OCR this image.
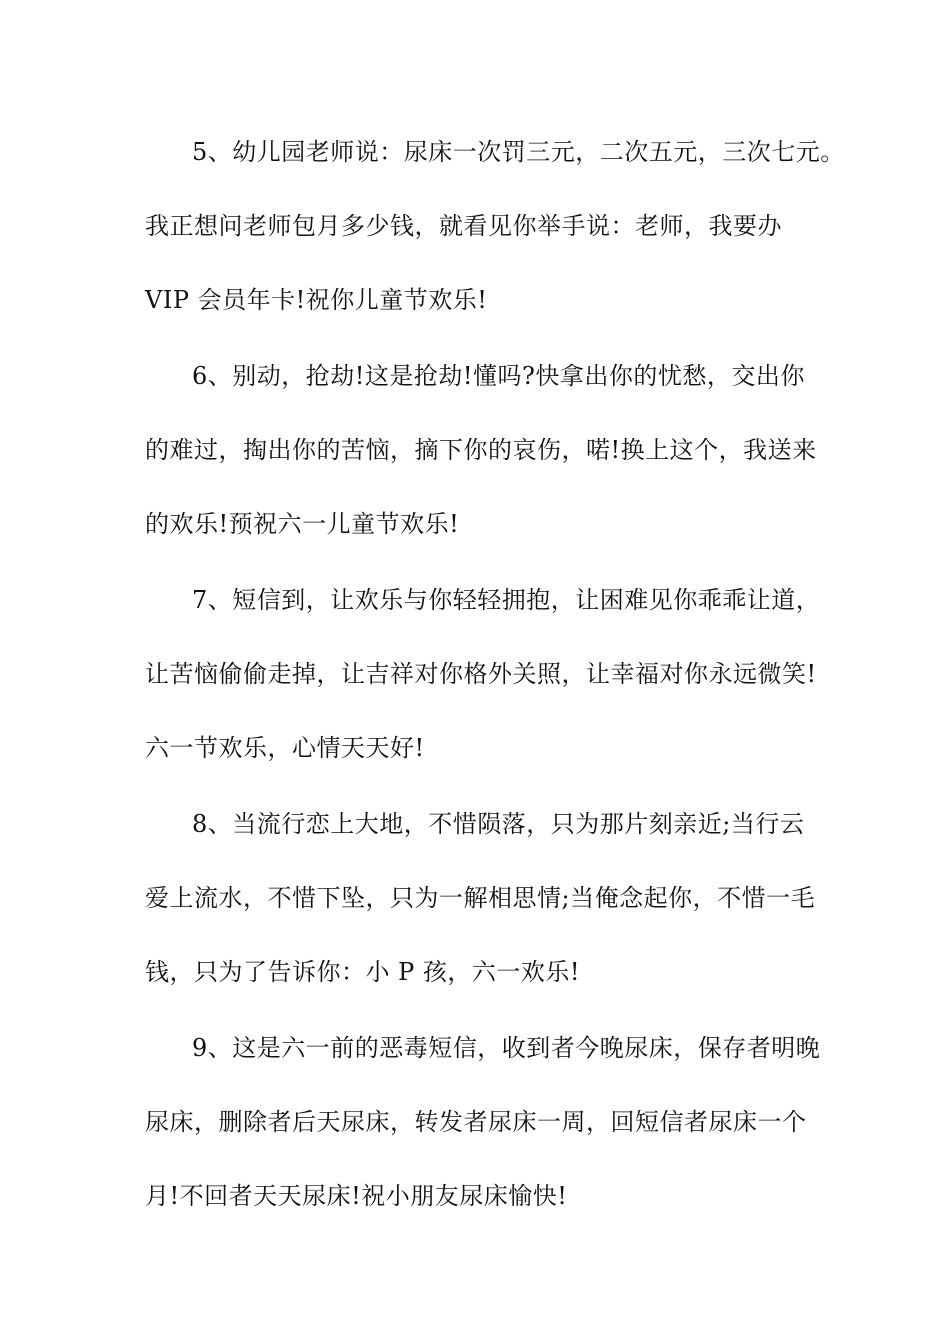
5、幼儿园老师说：尿床一次罚三元，二次五元，三次七元。
我正想问老师包月多少钱，就看见你举手说：老师，我要办
VIP 会员年卡!祝你儿童节欢乐!
6、别动，抢劫!这是抢劫!懂吗?快拿出你的忧愁，交出你
的难过，掏出你的苦恼，摘下你的哀伤，喏!换上这个，我送来
的欢乐!预祝六一儿童节欢乐!
7、短信到，让欢乐与你轻轻拥抱，让困难见你乖乖让道，
让苦恼偷偷走掉，让吉祥对你格外关照，让幸福对你永远微笑!
六一节欢乐，心情天天好!
8、当流行恋上大地，不惜陨落，只为那片刻亲近;当行云
爱上流水，不惜下坠，只为一解相思情;当俺念起你，不惜一毛
钱，只为了告诉你：小 P 孩，六一欢乐!
9、这是六一前的恶毒短信，收到者今晚尿床，保存者明晚
尿床，删除者后天尿床，转发者尿床一周，回短信者尿床一个
月!不回者天天尿床!祝小朋友尿床愉快!
